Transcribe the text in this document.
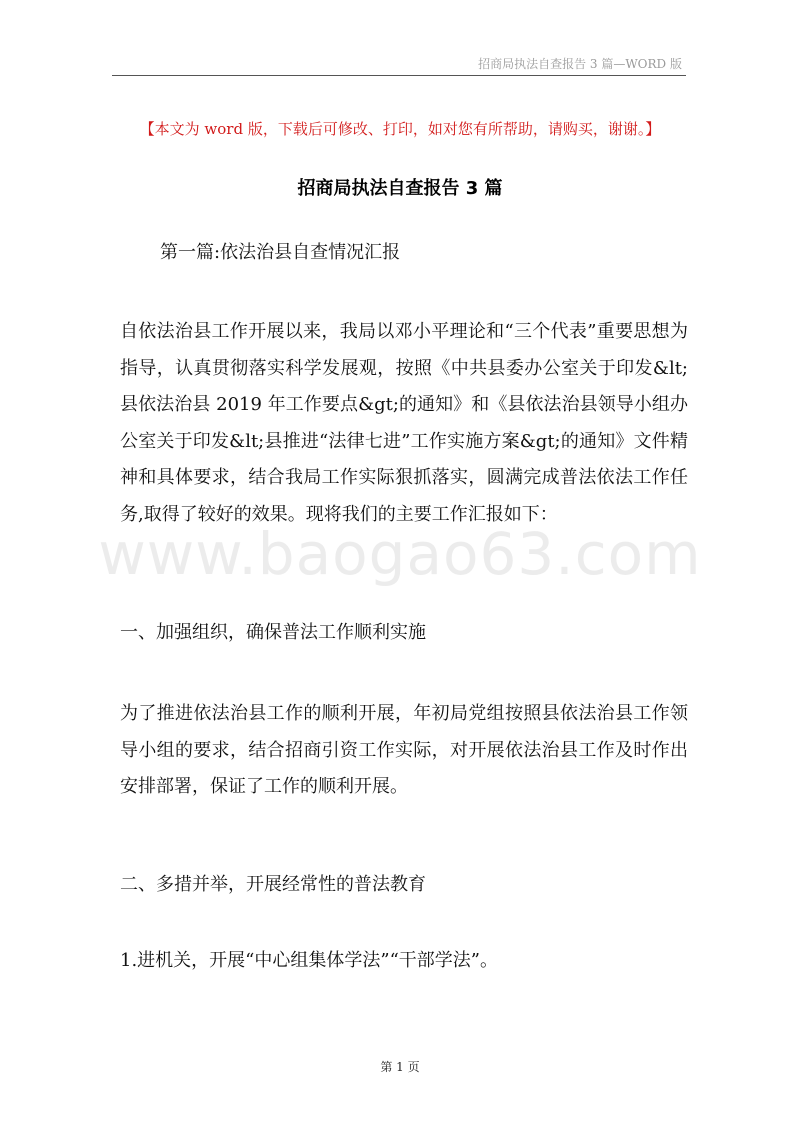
招商局执法自查报告 3 篇—WORD 版
【本文为 word 版，下载后可修改、打印，如对您有所帮助，请购买，谢谢。】
招商局执法自查报告 3 篇
第一篇:依法治县自查情况汇报
自依法治县工作开展以来，我局以邓小平理论和“三个代表”重要思想为指导，认真贯彻落实科学发展观，按照《中共县委办公室关于印发&lt;县依法治县 2019 年工作要点&gt;的通知》和《县依法治县领导小组办公室关于印发&lt;县推进“法律七进”工作实施方案&gt;的通知》文件精神和具体要求，结合我局工作实际狠抓落实，圆满完成普法依法工作任务,取得了较好的效果。现将我们的主要工作汇报如下：
一、加强组织，确保普法工作顺利实施
为了推进依法治县工作的顺利开展，年初局党组按照县依法治县工作领导小组的要求，结合招商引资工作实际，对开展依法治县工作及时作出安排部署，保证了工作的顺利开展。
二、多措并举，开展经常性的普法教育
1.进机关，开展“中心组集体学法”“干部学法”。
www.baogao63.com
第 1 页
